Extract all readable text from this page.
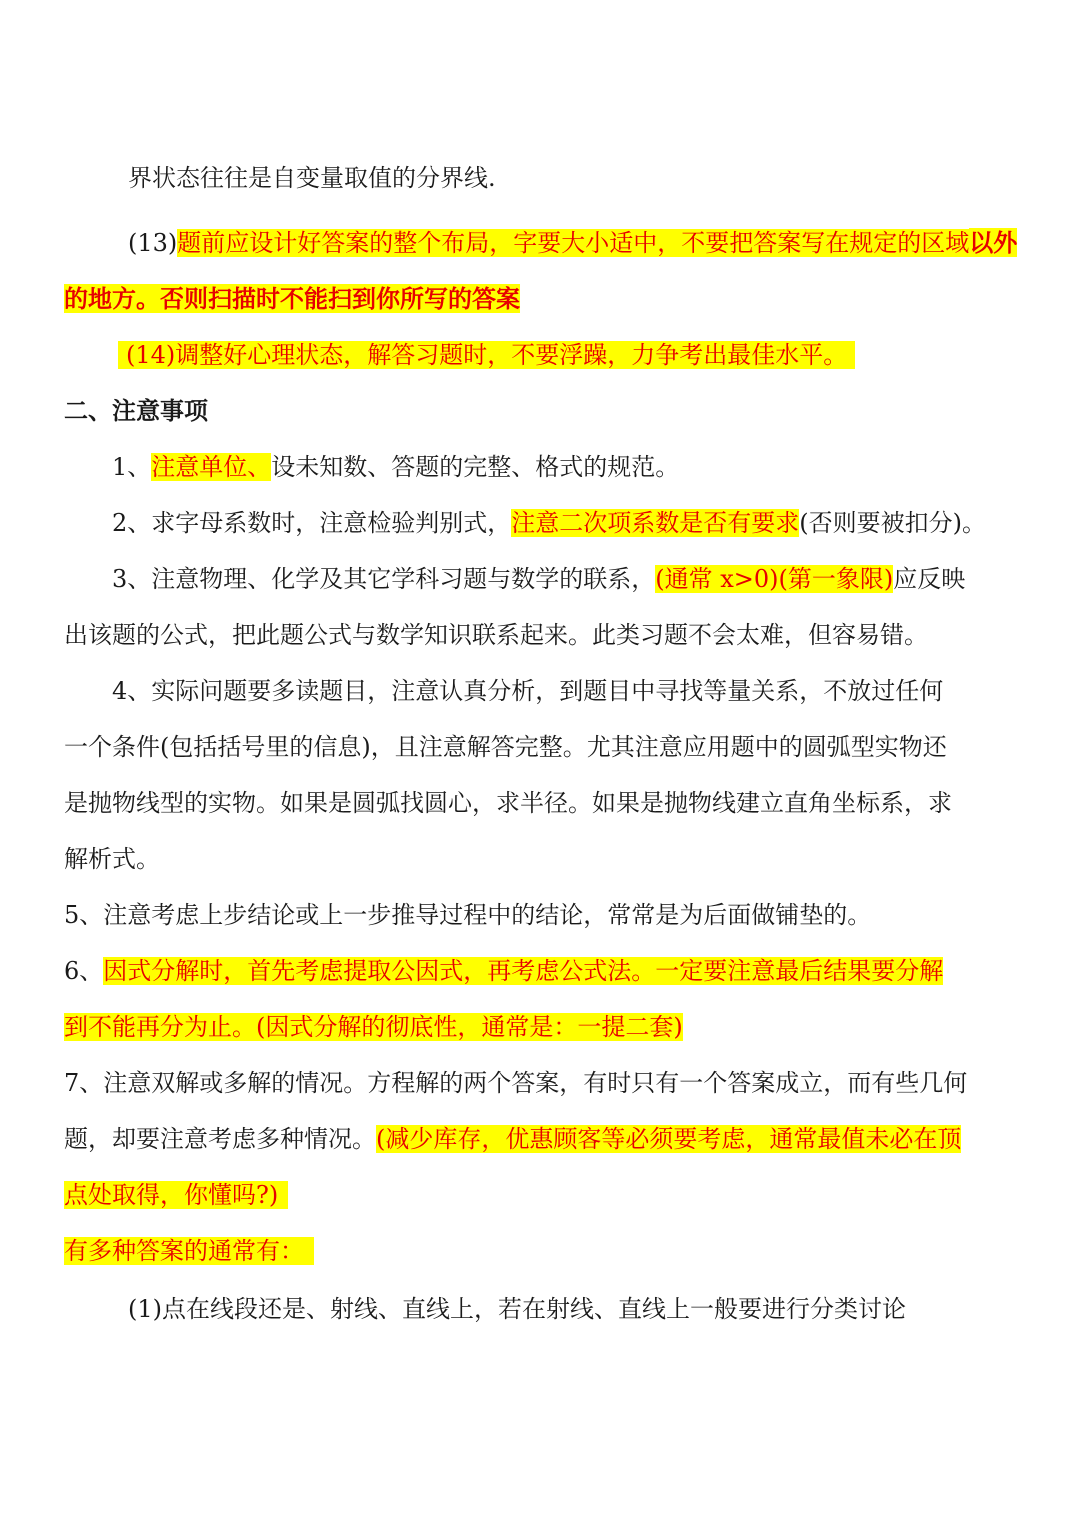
界状态往往是自变量取值的分界线.
(13)题前应设计好答案的整个布局，字要大小适中，不要把答案写在规定的区域以外
的地方。否则扫描时不能扫到你所写的答案
(14)调整好心理状态，解答习题时，不要浮躁，力争考出最佳水平。
二、注意事项
1、注意单位、设未知数、答题的完整、格式的规范。
2、求字母系数时，注意检验判别式，注意二次项系数是否有要求(否则要被扣分)。
3、注意物理、化学及其它学科习题与数学的联系，(通常 x>0)(第一象限)应反映
出该题的公式，把此题公式与数学知识联系起来。此类习题不会太难，但容易错。
4、实际问题要多读题目，注意认真分析，到题目中寻找等量关系，不放过任何
一个条件(包括括号里的信息)，且注意解答完整。尤其注意应用题中的圆弧型实物还
是抛物线型的实物。如果是圆弧找圆心，求半径。如果是抛物线建立直角坐标系，求
解析式。
5、注意考虑上步结论或上一步推导过程中的结论，常常是为后面做铺垫的。
6、因式分解时，首先考虑提取公因式，再考虑公式法。一定要注意最后结果要分解
到不能再分为止。(因式分解的彻底性，通常是：一提二套)
7、注意双解或多解的情况。方程解的两个答案，有时只有一个答案成立，而有些几何
题，却要注意考虑多种情况。(减少库存，优惠顾客等必须要考虑，通常最值未必在顶
点处取得，你懂吗?)
有多种答案的通常有：
(1)点在线段还是、射线、直线上，若在射线、直线上一般要进行分类讨论
